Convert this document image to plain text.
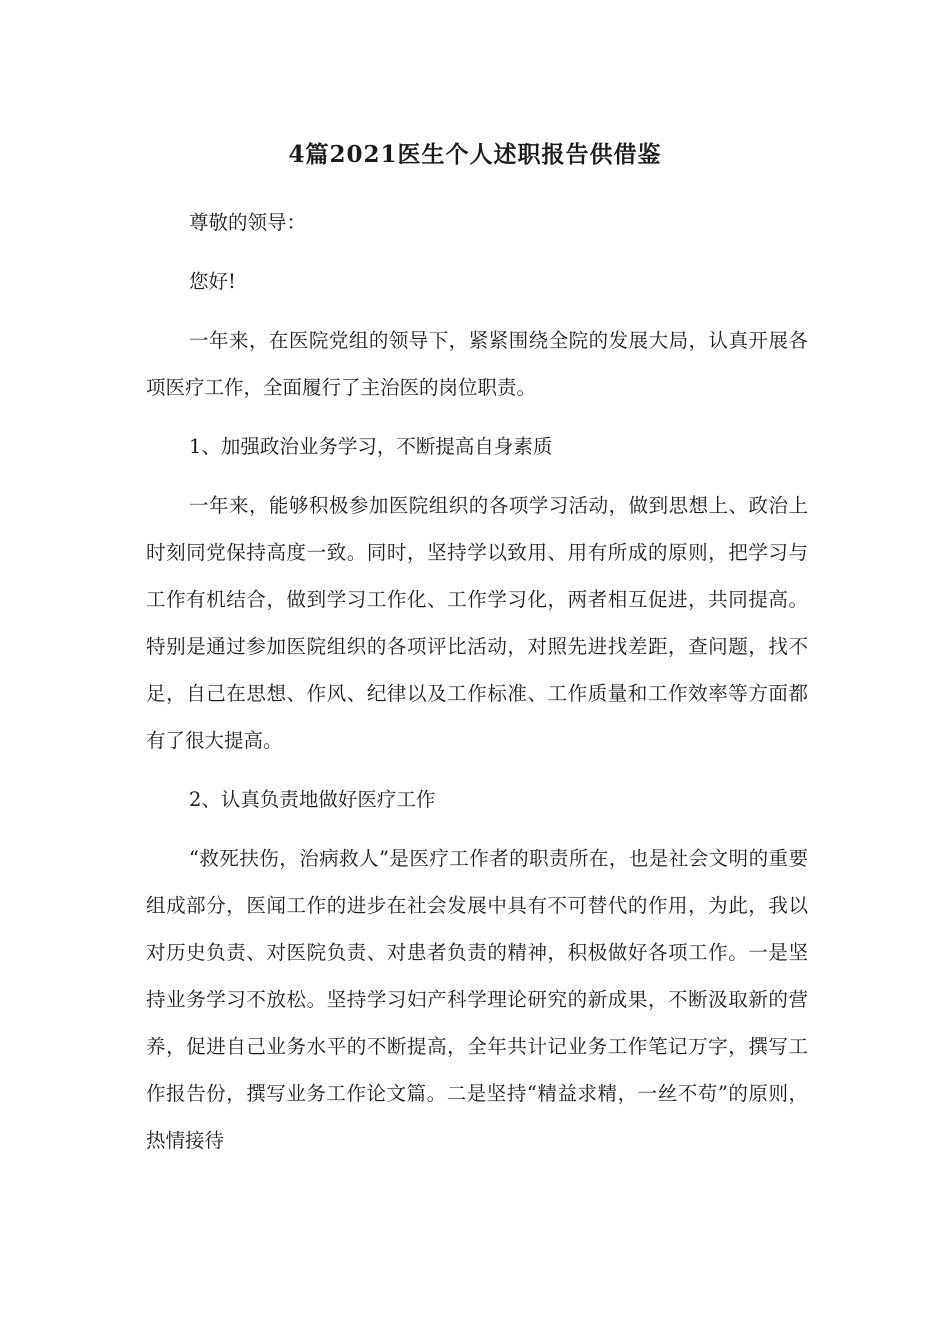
4篇2021医生个人述职报告供借鉴

尊敬的领导：

您好!

一年来，在医院党组的领导下，紧紧围绕全院的发展大局，认真开展各项医疗工作，全面履行了主治医的岗位职责。

1、加强政治业务学习，不断提高自身素质

一年来，能够积极参加医院组织的各项学习活动，做到思想上、政治上时刻同党保持高度一致。同时，坚持学以致用、用有所成的原则，把学习与工作有机结合，做到学习工作化、工作学习化，两者相互促进，共同提高。特别是通过参加医院组织的各项评比活动，对照先进找差距，查问题，找不足，自己在思想、作风、纪律以及工作标准、工作质量和工作效率等方面都有了很大提高。

2、认真负责地做好医疗工作

“救死扶伤，治病救人”是医疗工作者的职责所在，也是社会文明的重要组成部分，医闻工作的进步在社会发展中具有不可替代的作用，为此，我以对历史负责、对医院负责、对患者负责的精神，积极做好各项工作。一是坚持业务学习不放松。坚持学习妇产科学理论研究的新成果，不断汲取新的营养，促进自己业务水平的不断提高，全年共计记业务工作笔记万字，撰写工作报告份，撰写业务工作论文篇。二是坚持“精益求精，一丝不苟”的原则，热情接待
